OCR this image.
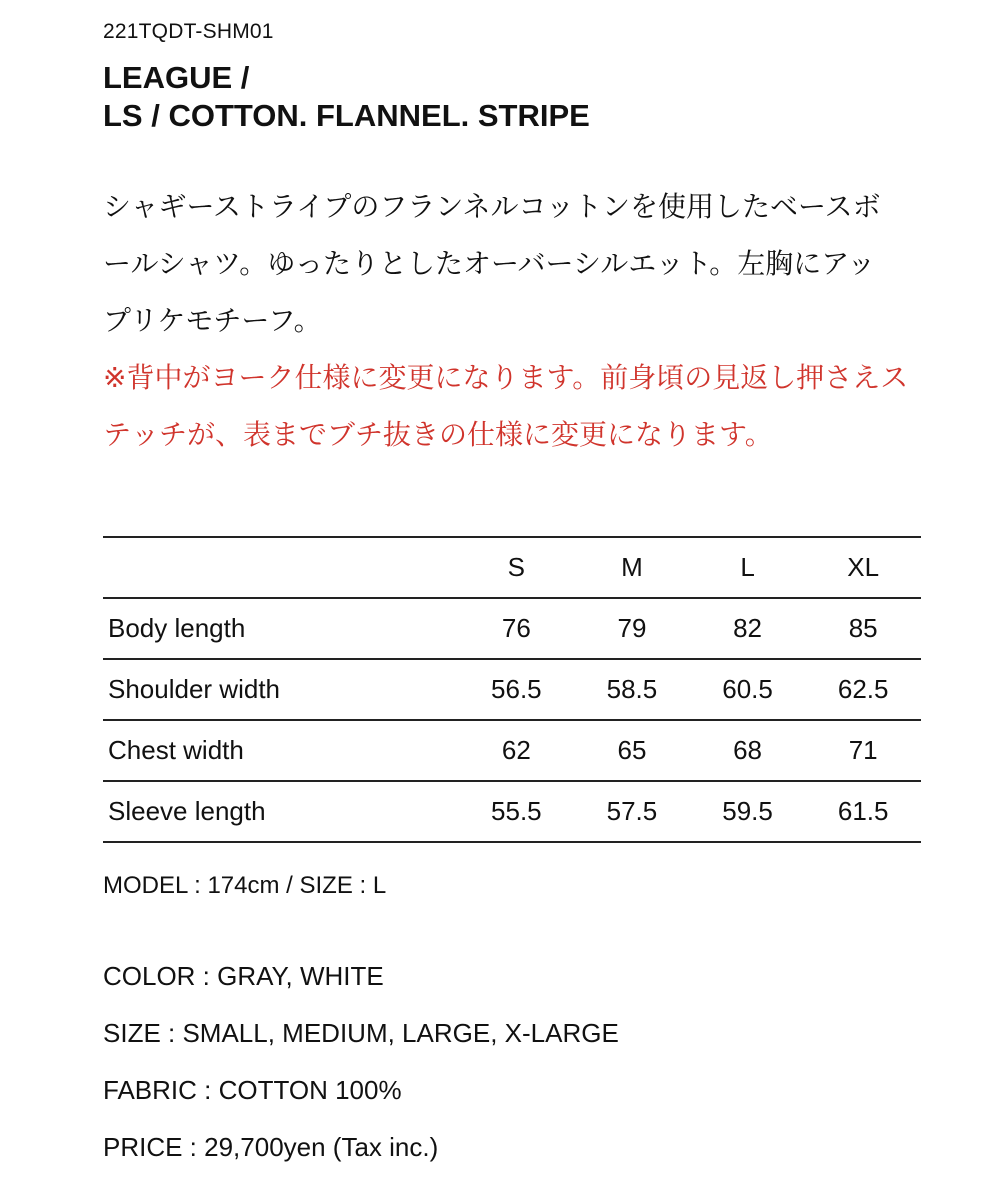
221TQDT-SHM01
LEAGUE /
LS / COTTON. FLANNEL. STRIPE

シャギーストライプのフランネルコットンを使用したベースボ
ールシャツ。ゆったりとしたオーバーシルエット。左胸にアッ
プリケモチーフ。
※背中がヨーク仕様に変更になります。前身頃の見返し押さえス
テッチが、表までブチ抜きの仕様に変更になります。

	S	M	L	XL
Body length	76	79	82	85
Shoulder width	56.5	58.5	60.5	62.5
Chest width	62	65	68	71
Sleeve length	55.5	57.5	59.5	61.5
MODEL : 174cm / SIZE : L
COLOR : GRAY, WHITE
SIZE : SMALL, MEDIUM, LARGE, X-LARGE
FABRIC : COTTON 100%
PRICE : 29,700yen (Tax inc.)
